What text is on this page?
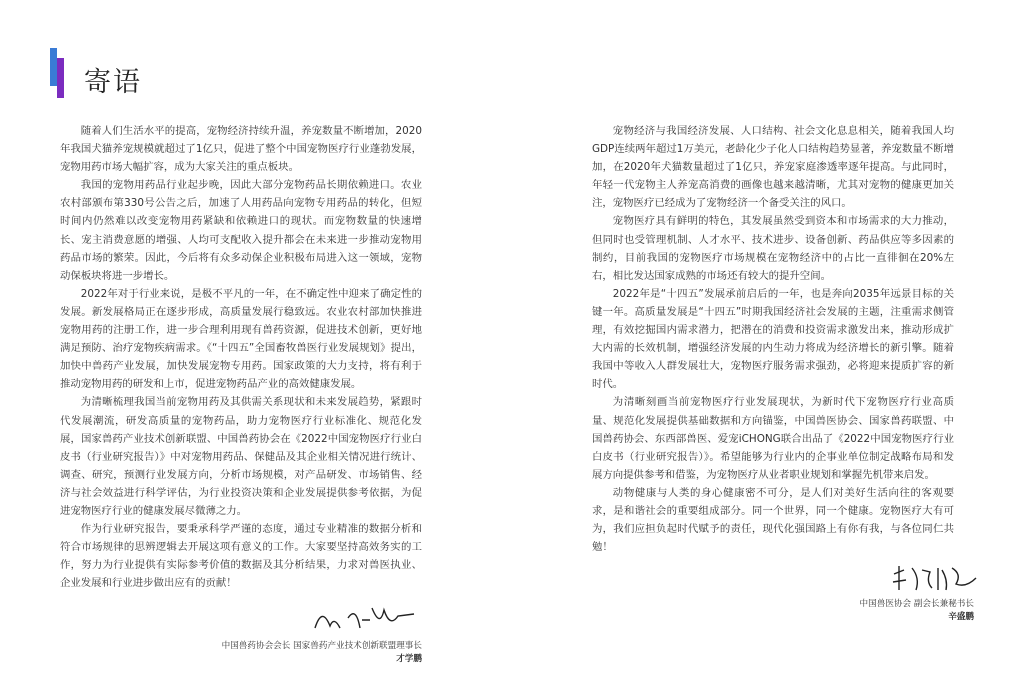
寄语

随着人们生活水平的提高，宠物经济持续升温，养宠数量不断增加，2020年我国犬猫养宠规模就超过了1亿只，促进了整个中国宠物医疗行业蓬勃发展，宠物用药市场大幅扩容，成为大家关注的重点板块。

我国的宠物用药品行业起步晚，因此大部分宠物药品长期依赖进口。农业农村部颁布第330号公告之后，加速了人用药品向宠物专用药品的转化，但短时间内仍然难以改变宠物用药紧缺和依赖进口的现状。而宠物数量的快速增长、宠主消费意愿的增强、人均可支配收入提升都会在未来进一步推动宠物用药品市场的繁荣。因此，今后将有众多动保企业积极布局进入这一领域，宠物动保板块将进一步增长。

2022年对于行业来说，是极不平凡的一年，在不确定性中迎来了确定性的发展。新发展格局正在逐步形成，高质量发展行稳致远。农业农村部加快推进宠物用药的注册工作，进一步合理利用现有兽药资源，促进技术创新，更好地满足预防、治疗宠物疾病需求。《“十四五”全国畜牧兽医行业发展规划》提出，加快中兽药产业发展，加快发展宠物专用药。国家政策的大力支持，将有利于推动宠物用药的研发和上市，促进宠物药品产业的高效健康发展。

为清晰梳理我国当前宠物用药及其供需关系现状和未来发展趋势，紧跟时代发展潮流，研发高质量的宠物药品，助力宠物医疗行业标准化、规范化发展，国家兽药产业技术创新联盟、中国兽药协会在《2022中国宠物医疗行业白皮书（行业研究报告）》中对宠物用药品、保健品及其企业相关情况进行统计、调查、研究，预测行业发展方向，分析市场规模，对产品研发、市场销售、经济与社会效益进行科学评估，为行业投资决策和企业发展提供参考依据，为促进宠物医疗行业的健康发展尽微薄之力。

作为行业研究报告，要秉承科学严谨的态度，通过专业精准的数据分析和符合市场规律的思辨逻辑去开展这项有意义的工作。大家要坚持高效务实的工作，努力为行业提供有实际参考价值的数据及其分析结果，力求对兽医执业、企业发展和行业进步做出应有的贡献！

宠物经济与我国经济发展、人口结构、社会文化息息相关，随着我国人均GDP连续两年超过1万美元，老龄化少子化人口结构趋势显著，养宠数量不断增加，在2020年犬猫数量超过了1亿只，养宠家庭渗透率逐年提高。与此同时，年轻一代宠物主人养宠高消费的画像也越来越清晰，尤其对宠物的健康更加关注，宠物医疗已经成为了宠物经济一个备受关注的风口。

宠物医疗具有鲜明的特色，其发展虽然受到资本和市场需求的大力推动，但同时也受管理机制、人才水平、技术进步、设备创新、药品供应等多因素的制约，目前我国的宠物医疗市场规模在宠物经济中的占比一直徘徊在20%左右，相比发达国家成熟的市场还有较大的提升空间。

2022年是“十四五”发展承前启后的一年，也是奔向2035年远景目标的关键一年。高质量发展是“十四五”时期我国经济社会发展的主题，注重需求侧管理，有效挖掘国内需求潜力，把潜在的消费和投资需求激发出来，推动形成扩大内需的长效机制，增强经济发展的内生动力将成为经济增长的新引擎。随着我国中等收入人群发展壮大，宠物医疗服务需求强劲，必将迎来提质扩容的新时代。

为清晰刻画当前宠物医疗行业发展现状，为新时代下宠物医疗行业高质量、规范化发展提供基础数据和方向锚鉴，中国兽医协会、国家兽药联盟、中国兽药协会、东西部兽医、爱宠iCHONG联合出品了《2022中国宠物医疗行业白皮书（行业研究报告）》。希望能够为行业内的企事业单位制定战略布局和发展方向提供参考和借鉴，为宠物医疗从业者职业规划和掌握先机带来启发。

动物健康与人类的身心健康密不可分，是人们对美好生活向往的客观要求，是和谐社会的重要组成部分。同一个世界，同一个健康。宠物医疗大有可为，我们应担负起时代赋予的责任，现代化强国路上有你有我，与各位同仁共勉！

中国兽药协会会长 国家兽药产业技术创新联盟理事长
才学鹏
中国兽医协会 副会长兼秘书长
辛盛鹏
